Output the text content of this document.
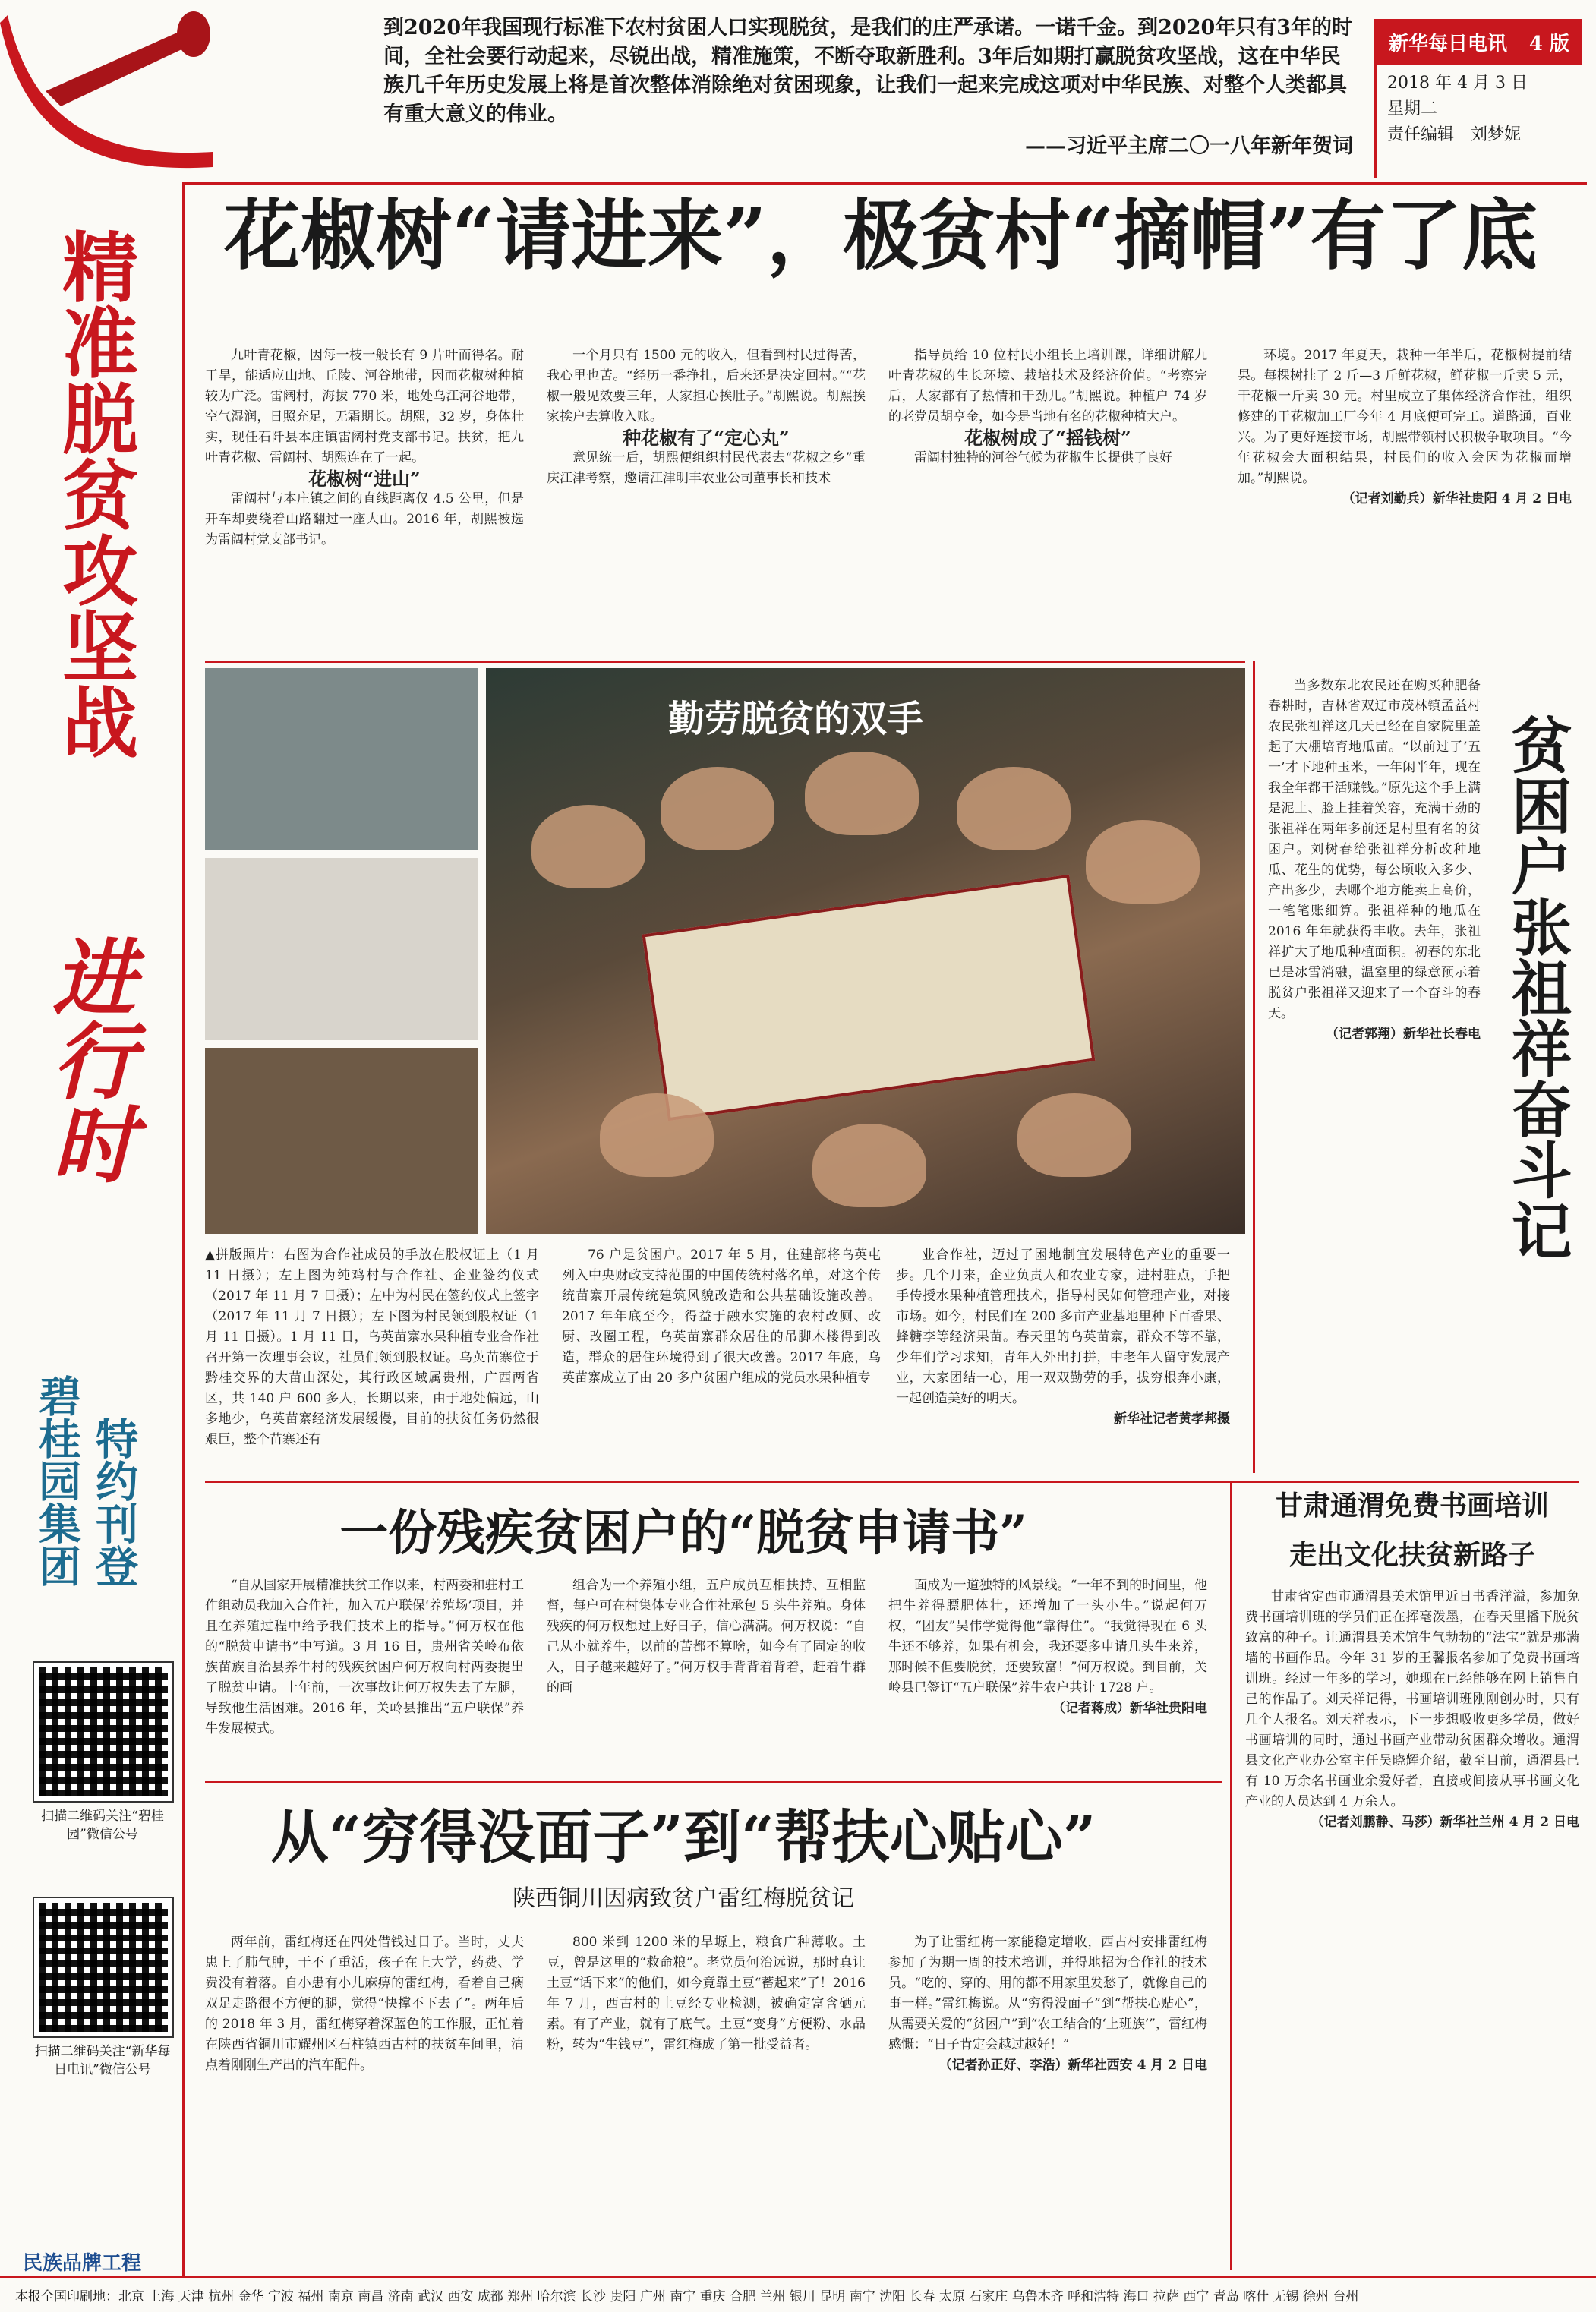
到2020年我国现行标准下农村贫困人口实现脱贫，是我们的庄严承诺。一诺千金。到2020年只有3年的时间，全社会要行动起来，尽锐出战，精准施策，不断夺取新胜利。3年后如期打赢脱贫攻坚战，这在中华民族几千年历史发展上将是首次整体消除绝对贫困现象，让我们一起来完成这项对中华民族、对整个人类都具有重大意义的伟业。
——习近平主席二〇一八年新年贺词
新华每日电讯 4 版
2018 年 4 月 3 日
星期二
责任编辑　刘梦妮
精准脱贫攻坚战
进行时
碧桂园集团 特约刊登
扫描二维码关注“碧桂园”微信公号
扫描二维码关注“新华每日电讯”微信公号
民族品牌工程
花椒树“请进来”，极贫村“摘帽”有了底

九叶青花椒，因每一枝一般长有 9 片叶而得名。耐干旱，能适应山地、丘陵、河谷地带，因而花椒树种植较为广泛。雷阔村，海拔 770 米，地处乌江河谷地带，空气湿润，日照充足，无霜期长。胡熙，32 岁，身体壮实，现任石阡县本庄镇雷阔村党支部书记。扶贫，把九叶青花椒、雷阔村、胡熙连在了一起。

花椒树“进山”

雷阔村与本庄镇之间的直线距离仅 4.5 公里，但是开车却要绕着山路翻过一座大山。2016 年，胡熙被选为雷阔村党支部书记。

一个月只有 1500 元的收入，但看到村民过得苦，我心里也苦。“经历一番挣扎，后来还是决定回村。”“花椒一般见效要三年，大家担心挨肚子。”胡熙说。胡熙挨家挨户去算收入账。

种花椒有了“定心丸”

意见统一后，胡熙便组织村民代表去“花椒之乡”重庆江津考察，邀请江津明丰农业公司董事长和技术

指导员给 10 位村民小组长上培训课，详细讲解九叶青花椒的生长环境、栽培技术及经济价值。“考察完后，大家都有了热情和干劲儿。”胡熙说。种植户 74 岁的老党员胡亨金，如今是当地有名的花椒种植大户。

花椒树成了“摇钱树”

雷阔村独特的河谷气候为花椒生长提供了良好

环境。2017 年夏天，栽种一年半后，花椒树提前结果。每棵树挂了 2 斤—3 斤鲜花椒，鲜花椒一斤卖 5 元，干花椒一斤卖 30 元。村里成立了集体经济合作社，组织修建的干花椒加工厂今年 4 月底便可完工。道路通，百业兴。为了更好连接市场，胡熙带领村民积极争取项目。“今年花椒会大面积结果，村民们的收入会因为花椒而增加。”胡熙说。

（记者刘勤兵）新华社贵阳 4 月 2 日电

勤劳脱贫的双手

▲拼版照片：右图为合作社成员的手放在股权证上（1 月 11 日摄）；左上图为纯鸡村与合作社、企业签约仪式（2017 年 11 月 7 日摄）；左中为村民在签约仪式上签字（2017 年 11 月 7 日摄）；左下图为村民领到股权证（1 月 11 日摄）。1 月 11 日，乌英苗寨水果种植专业合作社召开第一次理事会议，社员们领到股权证。乌英苗寨位于黔桂交界的大苗山深处，其行政区域属贵州，广西两省区，共 140 户 600 多人，长期以来，由于地处偏远，山多地少，乌英苗寨经济发展缓慢，目前的扶贫任务仍然很艰巨，整个苗寨还有

76 户是贫困户。2017 年 5 月，住建部将乌英屯列入中央财政支持范围的中国传统村落名单，对这个传统苗寨开展传统建筑风貌改造和公共基础设施改善。2017 年年底至今，得益于融水实施的农村改厕、改厨、改圈工程，乌英苗寨群众居住的吊脚木楼得到改造，群众的居住环境得到了很大改善。2017 年底，乌英苗寨成立了由 20 多户贫困户组成的党员水果种植专

业合作社，迈过了困地制宜发展特色产业的重要一步。几个月来，企业负责人和农业专家，进村驻点，手把手传授水果种植管理技术，指导村民如何管理产业，对接市场。如今，村民们在 200 多亩产业基地里种下百香果、蜂糖李等经济果苗。春天里的乌英苗寨，群众不等不靠，少年们学习求知，青年人外出打拼，中老年人留守发展产业，大家团结一心，用一双双勤劳的手，拔穷根奔小康，一起创造美好的明天。

新华社记者黄孝邦摄

贫困户张祖祥奋斗记

当多数东北农民还在购买种肥备春耕时，吉林省双辽市茂林镇孟益村农民张祖祥这几天已经在自家院里盖起了大棚培育地瓜苗。“以前过了‘五一’才下地种玉米，一年闲半年，现在我全年都干活赚钱。”原先这个手上满是泥土、脸上挂着笑容，充满干劲的张祖祥在两年多前还是村里有名的贫困户。刘树春给张祖祥分析改种地瓜、花生的优势，每公顷收入多少、产出多少，去哪个地方能卖上高价，一笔笔账细算。张祖祥种的地瓜在 2016 年年就获得丰收。去年，张祖祥扩大了地瓜种植面积。初春的东北已是冰雪消融，温室里的绿意预示着脱贫户张祖祥又迎来了一个奋斗的春天。

（记者郭翔）新华社长春电

一份残疾贫困户的“脱贫申请书”

“自从国家开展精准扶贫工作以来，村两委和驻村工作组动员我加入合作社，加入五户联保‘养殖场’项目，并且在养殖过程中给予我们技术上的指导。”何万权在他的“脱贫申请书”中写道。3 月 16 日，贵州省关岭布依族苗族自治县养牛村的残疾贫困户何万权向村两委提出了脱贫申请。十年前，一次事故让何万权失去了左腿，导致他生活困难。2016 年，关岭县推出“五户联保”养牛发展模式。

组合为一个养殖小组，五户成员互相扶持、互相监督，每户可在村集体专业合作社承包 5 头牛养殖。身体残疾的何万权想过上好日子，信心满满。何万权说：“自己从小就养牛，以前的苦都不算啥，如今有了固定的收入，日子越来越好了。”何万权手背背着背着，赶着牛群的画

面成为一道独特的风景线。“一年不到的时间里，他把牛养得膘肥体壮，还增加了一头小牛。”说起何万权，“团友”吴伟学觉得他“靠得住”。“我觉得现在 6 头牛还不够养，如果有机会，我还要多申请几头牛来养，那时候不但要脱贫，还要致富！”何万权说。到目前，关岭县已签订“五户联保”养牛农户共计 1728 户。

（记者蒋成）新华社贵阳电

甘肃通渭免费书画培训
走出文化扶贫新路子

甘肃省定西市通渭县美术馆里近日书香洋溢，参加免费书画培训班的学员们正在挥毫泼墨，在春天里播下脱贫致富的种子。让通渭县美术馆生气勃勃的“法宝”就是那满墙的书画作品。今年 31 岁的王馨报名参加了免费书画培训班。经过一年多的学习，她现在已经能够在网上销售自己的作品了。刘天祥记得，书画培训班刚刚创办时，只有几个人报名。刘天祥表示，下一步想吸收更多学员，做好书画培训的同时，通过书画产业带动贫困群众增收。通渭县文化产业办公室主任吴晓辉介绍，截至目前，通渭县已有 10 万余名书画业余爱好者，直接或间接从事书画文化产业的人员达到 4 万余人。

（记者刘鹏静、马莎）新华社兰州 4 月 2 日电

从“穷得没面子”到“帮扶心贴心”
陕西铜川因病致贫户雷红梅脱贫记

两年前，雷红梅还在四处借钱过日子。当时，丈夫患上了肺气肿，干不了重活，孩子在上大学，药费、学费没有着落。自小患有小儿麻痹的雷红梅，看着自己瘸双足走路很不方便的腿，觉得“快撑不下去了”。两年后的 2018 年 3 月，雷红梅穿着深蓝色的工作服，正忙着在陕西省铜川市耀州区石柱镇西古村的扶贫车间里，清点着刚刚生产出的汽车配件。

800 米到 1200 米的旱塬上，粮食广种薄收。土豆，曾是这里的“救命粮”。老党员何治远说，那时真让土豆“话下来”的他们，如今竟靠土豆“蓄起来”了！2016 年 7 月，西古村的土豆经专业检测，被确定富含硒元素。有了产业，就有了底气。土豆“变身”方便粉、水晶粉，转为“生钱豆”，雷红梅成了第一批受益者。

为了让雷红梅一家能稳定增收，西古村安排雷红梅参加了为期一周的技术培训，并得地招为合作社的技术员。“吃的、穿的、用的都不用家里发愁了，就像自己的事一样。”雷红梅说。从“穷得没面子”到“帮扶心贴心”，从需要关爱的“贫困户”到“农工结合的‘上班族’”，雷红梅感慨：“日子肯定会越过越好！”

（记者孙正好、李浩）新华社西安 4 月 2 日电

本报全国印刷地：北京 上海 天津 杭州 金华 宁波 福州 南京 南昌 济南 武汉 西安 成都 郑州 哈尔滨 长沙 贵阳 广州 南宁 重庆 合肥 兰州 银川 昆明 南宁 沈阳 长春 太原 石家庄 乌鲁木齐 呼和浩特 海口 拉萨 西宁 青岛 喀什 无锡 徐州 台州
